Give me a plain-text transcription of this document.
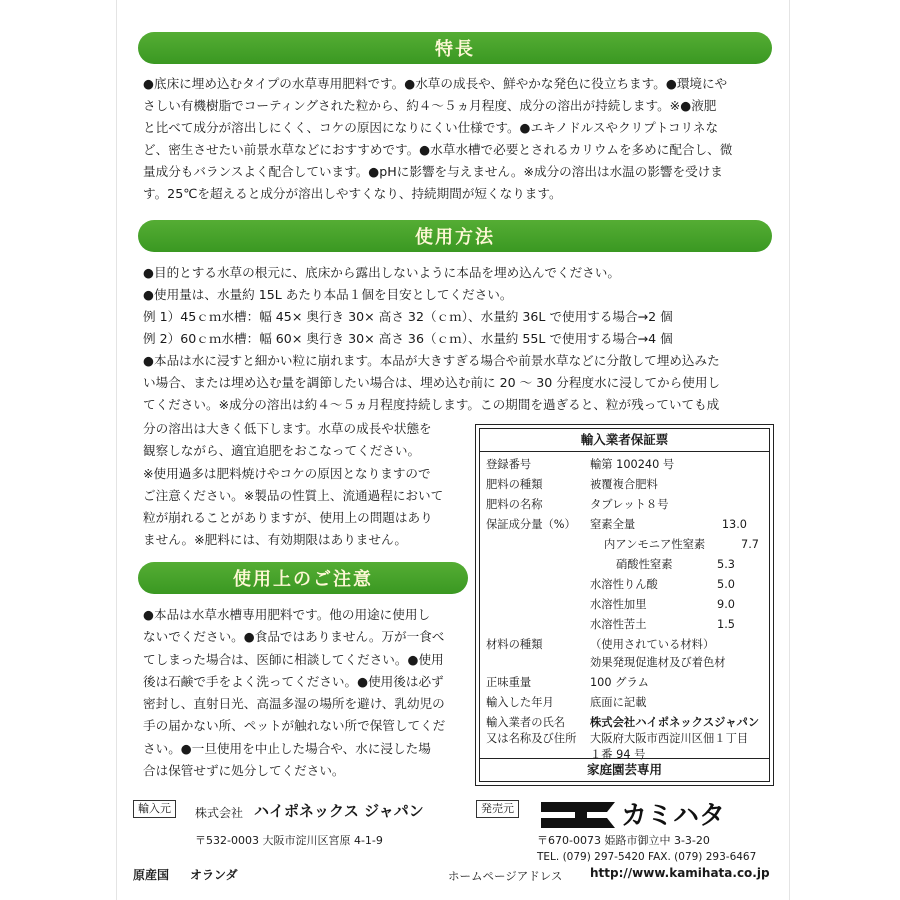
特長
●底床に埋め込むタイプの水草専用肥料です。●水草の成長や、鮮やかな発色に役立ちます。●環境にや
さしい有機樹脂でコーティングされた粒から、約４～５ヵ月程度、成分の溶出が持続します。※●液肥
と比べて成分が溶出しにくく、コケの原因になりにくい仕様です。●エキノドルスやクリプトコリネな
ど、密生させたい前景水草などにおすすめです。●水草水槽で必要とされるカリウムを多めに配合し、微
量成分もバランスよく配合しています。●pHに影響を与えません。※成分の溶出は水温の影響を受けま
す。25℃を超えると成分が溶出しやすくなり、持続期間が短くなります。
使用方法
●目的とする水草の根元に、底床から露出しないように本品を埋め込んでください。
●使用量は、水量約 15L あたり本品１個を目安としてください。
例 1）45ｃｍ水槽：幅 45× 奥行き 30× 高さ 32（ｃｍ）、水量約 36L で使用する場合→2 個
例 2）60ｃｍ水槽：幅 60× 奥行き 30× 高さ 36（ｃｍ）、水量約 55L で使用する場合→4 個
●本品は水に浸すと細かい粒に崩れます。本品が大きすぎる場合や前景水草などに分散して埋め込みた
い場合、または埋め込む量を調節したい場合は、埋め込む前に 20 ～ 30 分程度水に浸してから使用し
てください。※成分の溶出は約４～５ヵ月程度持続します。この期間を過ぎると、粒が残っていても成
分の溶出は大きく低下します。水草の成長や状態を
観察しながら、適宜追肥をおこなってください。
※使用過多は肥料焼けやコケの原因となりますので
ご注意ください。※製品の性質上、流通過程において
粒が崩れることがありますが、使用上の問題はあり
ません。※肥料には、有効期限はありません。
使用上のご注意
●本品は水草水槽専用肥料です。他の用途に使用し
ないでください。●食品ではありません。万が一食べ
てしまった場合は、医師に相談してください。●使用
後は石鹸で手をよく洗ってください。●使用後は必ず
密封し、直射日光、高温多湿の場所を避け、乳幼児の
手の届かない所、ペットが触れない所で保管してくだ
さい。●一旦使用を中止した場合や、水に浸した場
合は保管せずに処分してください。
輸入業者保証票
登録番号	輸第 100240 号
肥料の種類	被覆複合肥料
肥料の名称	タブレット８号
保証成分量（%） 窒素全量	13.0
内アンモニア性窒素	7.7
硝酸性窒素	5.3
水溶性りん酸	5.0
水溶性加里	9.0
水溶性苦土	1.5
材料の種類	（使用されている材料）
効果発現促進材及び着色材
正味重量	100 グラム
輸入した年月	底面に記載
輸入業者の氏名 株式会社ハイポネックスジャパン
又は名称及び住所 大阪府大阪市西淀川区佃１丁目
１番 94 号
家庭園芸専用
輸入元	株式会社 ハイポネックス ジャパン
〒532-0003 大阪市淀川区宮原 4-1-9
発売元	カミハタ
〒670-0073 姫路市御立中 3-3-20
TEL. (079) 297-5420 FAX. (079) 293-6467
原産国 オランダ	ホームページアドレス http://www.kamihata.co.jp
